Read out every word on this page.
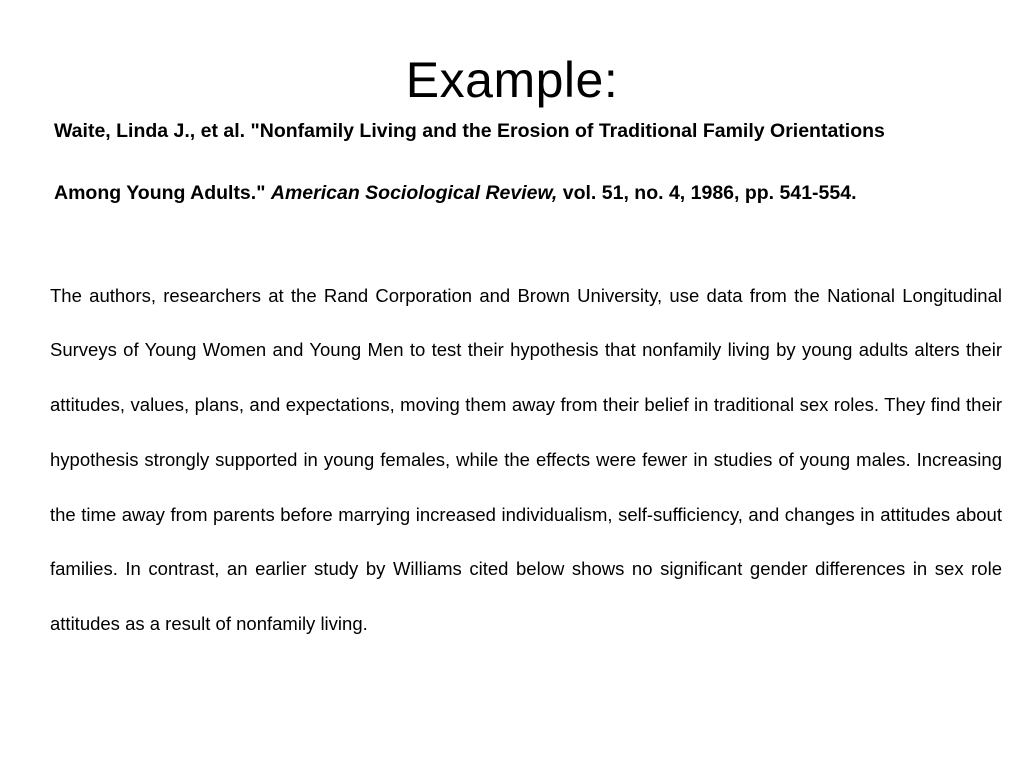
Example:
Waite, Linda J., et al. "Nonfamily Living and the Erosion of Traditional Family Orientations
Among Young Adults." American Sociological Review, vol. 51, no. 4, 1986, pp. 541-554.

The authors, researchers at the Rand Corporation and Brown University, use data from the National Longitudinal Surveys of Young Women and Young Men to test their hypothesis that nonfamily living by young adults alters their attitudes, values, plans, and expectations, moving them away from their belief in traditional sex roles. They find their hypothesis strongly supported in young females, while the effects were fewer in studies of young males. Increasing the time away from parents before marrying increased individualism, self-sufficiency, and changes in attitudes about families. In contrast, an earlier study by Williams cited below shows no significant gender differences in sex role attitudes as a result of nonfamily living.
